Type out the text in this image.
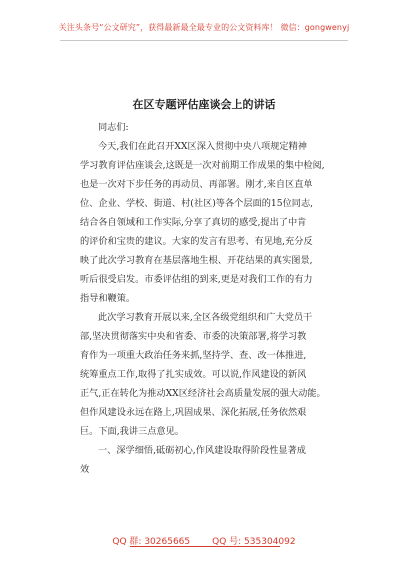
关注头条号“公文研究”，获得最新最全最专业的公文资料库！ 微信：gongwenyj
在区专题评估座谈会上的讲话
同志们:
今天,我们在此召开XX区深入贯彻中央八项规定精神
学习教育评估座谈会,这既是一次对前期工作成果的集中检阅,
也是一次对下步任务的再动员、再部署。刚才,来自区直单
位、企业、学校、街道、村(社区)等各个层面的15位同志,
结合各自领域和工作实际,分享了真切的感受,提出了中肯
的评价和宝贵的建议。大家的发言有思考、有见地,充分反
映了此次学习教育在基层落地生根、开花结果的真实图景,
听后很受启发。市委评估组的到来,更是对我们工作的有力
指导和鞭策。
此次学习教育开展以来,全区各级党组织和广大党员干
部,坚决贯彻落实中央和省委、市委的决策部署,将学习教
育作为一项重大政治任务来抓,坚持学、查、改一体推进,
统筹重点工作,取得了扎实成效。可以说,作风建设的新风
正气,正在转化为推动XX区经济社会高质量发展的强大动能。
但作风建设永远在路上,巩固成果、深化拓展,任务依然艰
巨。下面,我讲三点意见。
一、深学细悟,砥砺初心,作风建设取得阶段性显著成
效
QQ 群: 30265665 QQ 号: 535304092
